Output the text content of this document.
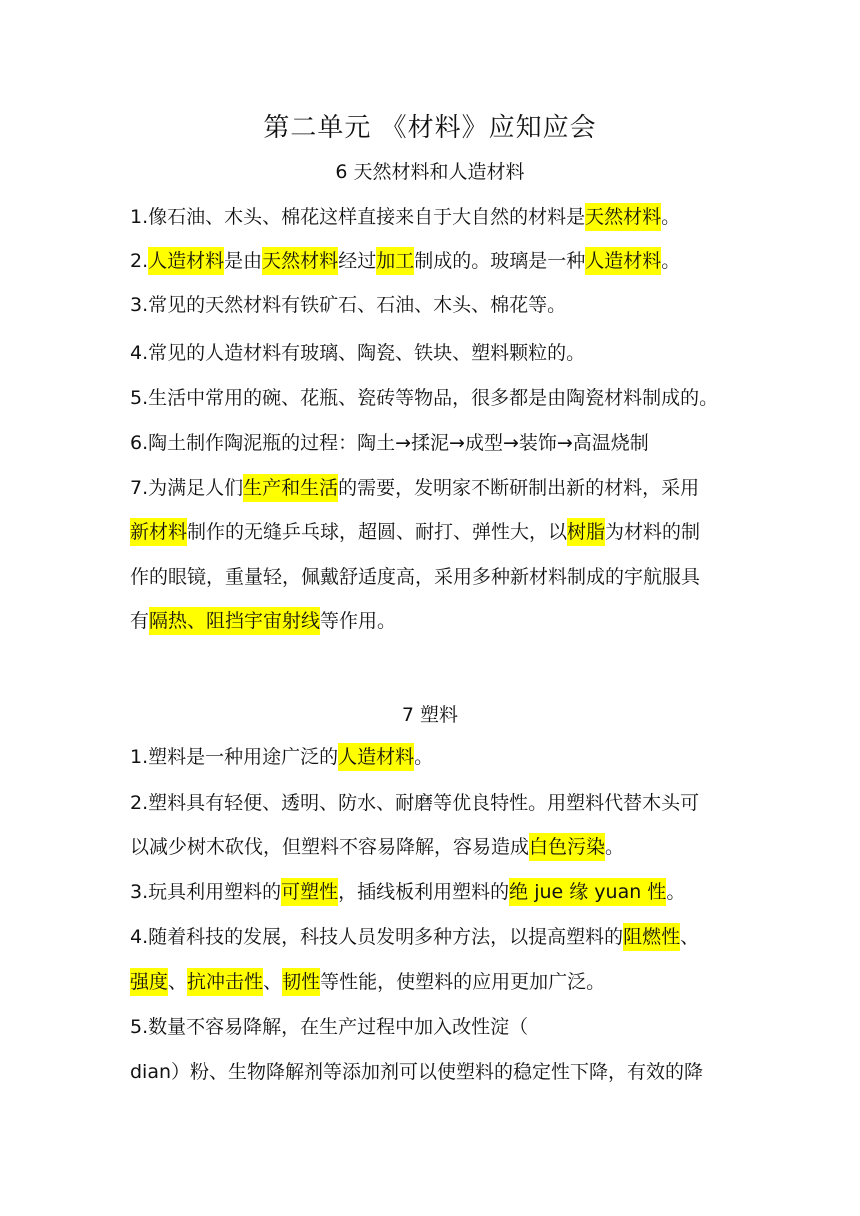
第二单元 《材料》应知应会
6 天然材料和人造材料
1.像石油、木头、棉花这样直接来自于大自然的材料是天然材料。
2.人造材料是由天然材料经过加工制成的。玻璃是一种人造材料。
3.常见的天然材料有铁矿石、石油、木头、棉花等。
4.常见的人造材料有玻璃、陶瓷、铁块、塑料颗粒的。
5.生活中常用的碗、花瓶、瓷砖等物品，很多都是由陶瓷材料制成的。
6.陶土制作陶泥瓶的过程：陶土→揉泥→成型→装饰→高温烧制
7.为满足人们生产和生活的需要，发明家不断研制出新的材料，采用
新材料制作的无缝乒乓球，超圆、耐打、弹性大，以树脂为材料的制
作的眼镜，重量轻，佩戴舒适度高，采用多种新材料制成的宇航服具
有隔热、阻挡宇宙射线等作用。
7 塑料
1.塑料是一种用途广泛的人造材料。
2.塑料具有轻便、透明、防水、耐磨等优良特性。用塑料代替木头可
以减少树木砍伐，但塑料不容易降解，容易造成白色污染。
3.玩具利用塑料的可塑性，插线板利用塑料的绝 jue 缘 yuan 性。
4.随着科技的发展，科技人员发明多种方法，以提高塑料的阻燃性、
强度、抗冲击性、韧性等性能，使塑料的应用更加广泛。
5.数量不容易降解，在生产过程中加入改性淀（
dian）粉、生物降解剂等添加剂可以使塑料的稳定性下降，有效的降
